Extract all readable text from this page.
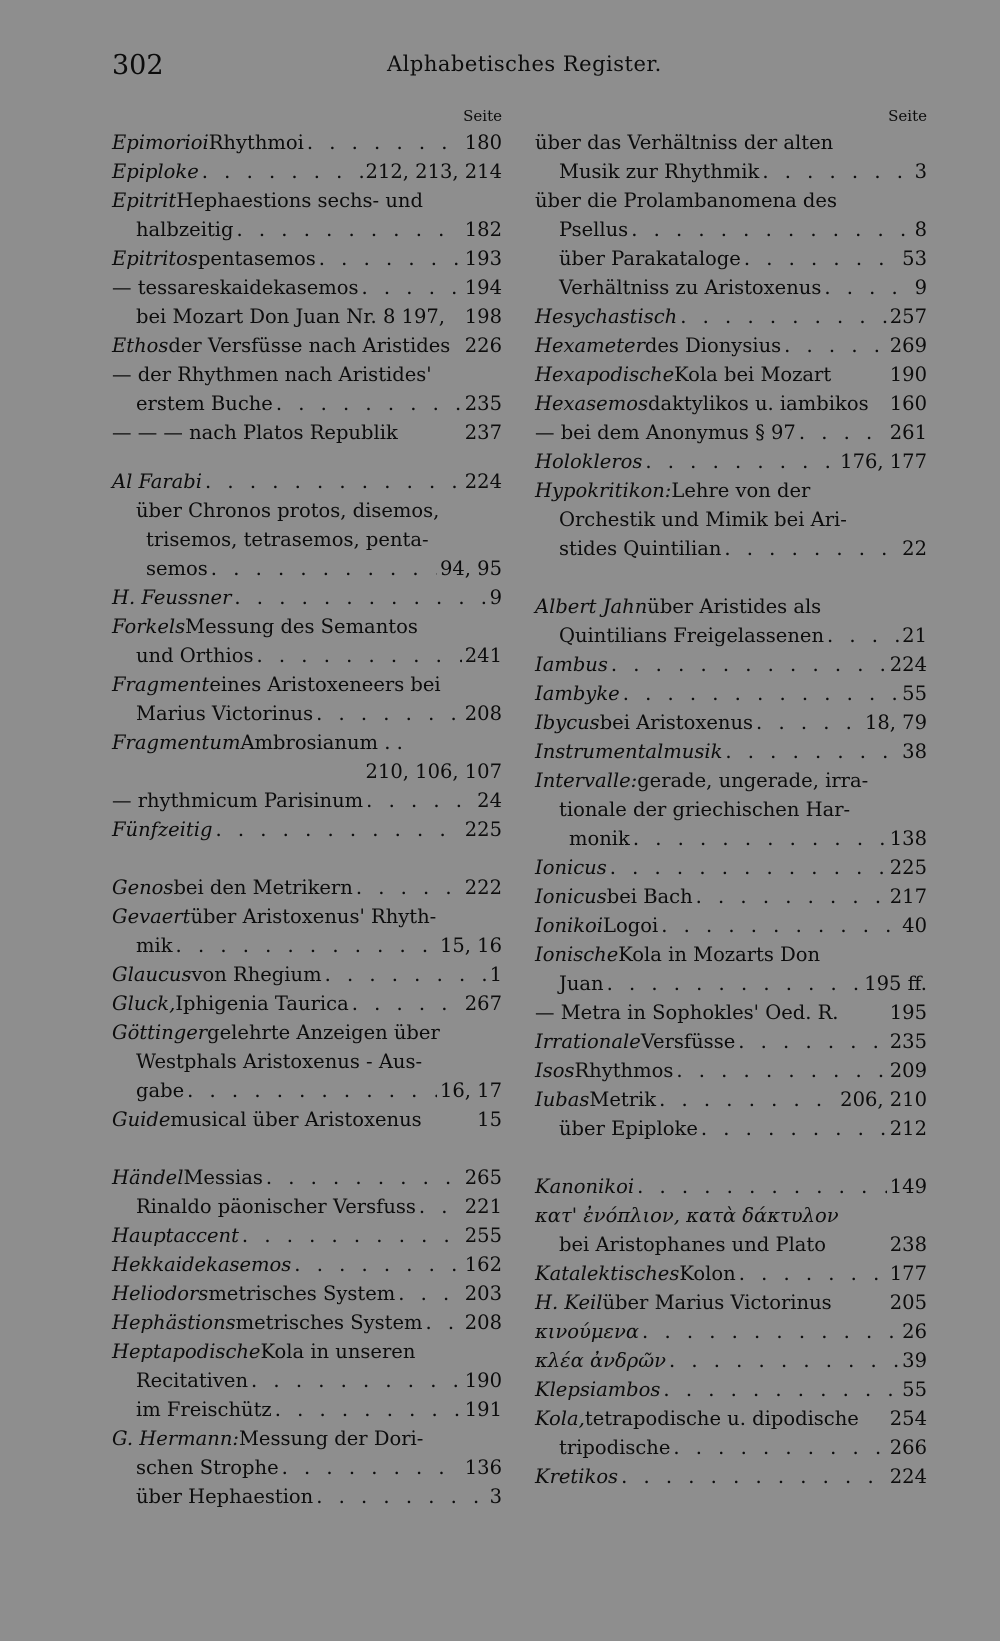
302	Alphabetisches Register.
Seite
Epimorioi Rhythmoi . . .	180
Epiploke . . .	212, 213, 214
Epitrit Hephaestions sechs- und
halbzeitig . . .	182
Epitritos pentasemos . . .	193
— tessareskaidekasemos . . .	194
bei Mozart Don Juan Nr. 8 197, 198
Ethos der Versfüsse nach Aristides 226
— der Rhythmen nach Aristides'
erstem Buche . . .	235
— — — nach Platos Republik	237
Al Farabi . . .	224
über Chronos protos, disemos,
trisemos, tetrasemos, penta-
semos . . .	94, 95
H. Feussner . . .	9
Forkels Messung des Semantos
und Orthios . . .	241
Fragment eines Aristoxeneers bei
Marius Victorinus . . .	208
Fragmentum Ambrosianum . .
210, 106, 107
— rhythmicum Parisinum . . .	24
Fünfzeitig . . .	225
Genos bei den Metrikern . . .	222
Gevaert über Aristoxenus' Rhyth-
mik . . .	15, 16
Glaucus von Rhegium . . .	1
Gluck, Iphigenia Taurica . . .	267
Göttinger gelehrte Anzeigen über
Westphals Aristoxenus - Aus-
gabe . . .	16, 17
Guide musical über Aristoxenus	15
Händel Messias . . .	265
Rinaldo päonischer Versfuss . . .	221
Hauptaccent . . .	255
Hekkaidekasemos . . .	162
Heliodors metrisches System . . .	203
Hephästions metrisches System . . . 208
Heptapodische Kola in unseren
Recitativen . . .	190
im Freischütz . . .	191
G. Hermann: Messung der Dori-
schen Strophe . . .	136
über Hephaestion . . .	3
Seite
über das Verhältniss der alten
Musik zur Rhythmik . . .	3
über die Prolambanomena des
Psellus . . .	8
über Parakataloge . . .	53
Verhältniss zu Aristoxenus . . .	9
Hesychastisch . . .	257
Hexameter des Dionysius . . .	269
Hexapodische Kola bei Mozart	190
Hexasemos daktylikos u. iambikos 160
— bei dem Anonymus § 97 . . .	261
Holokleros . . .	176, 177
Hypokritikon: Lehre von der
Orchestik und Mimik bei Ari-
stides Quintilian . . .	22
Albert Jahn über Aristides als
Quintilians Freigelassenen . . .	21
Iambus . . .	224
Iambyke . . .	55
Ibycus bei Aristoxenus . . .	18, 79
Instrumentalmusik . . .	38
Intervalle: gerade, ungerade, irra-
tionale der griechischen Har-
monik . . .	138
Ionicus . . .	225
Ionicus bei Bach . . .	217
Ionikoi Logoi . . .	40
Ionische Kola in Mozarts Don
Juan . . .	195 ff.
— Metra in Sophokles' Oed. R.	195
Irrationale Versfüsse . . .	235
Isos Rhythmos . . .	209
Iubas Metrik . . .	206, 210
über Epiploke . . .	212
Kanonikoi . . .	149
κατ' ἐνόπλιον, κατὰ δάκτυλον
bei Aristophanes und Plato	238
Katalektisches Kolon . . .	177
H. Keil über Marius Victorinus	205
κινούμενα . . .	26
κλέα ἀνδρῶν . . .	39
Klepsiambos . . .	55
Kola, tetrapodische u. dipodische 254
tripodische . . .	266
Kretikos . . .	224
